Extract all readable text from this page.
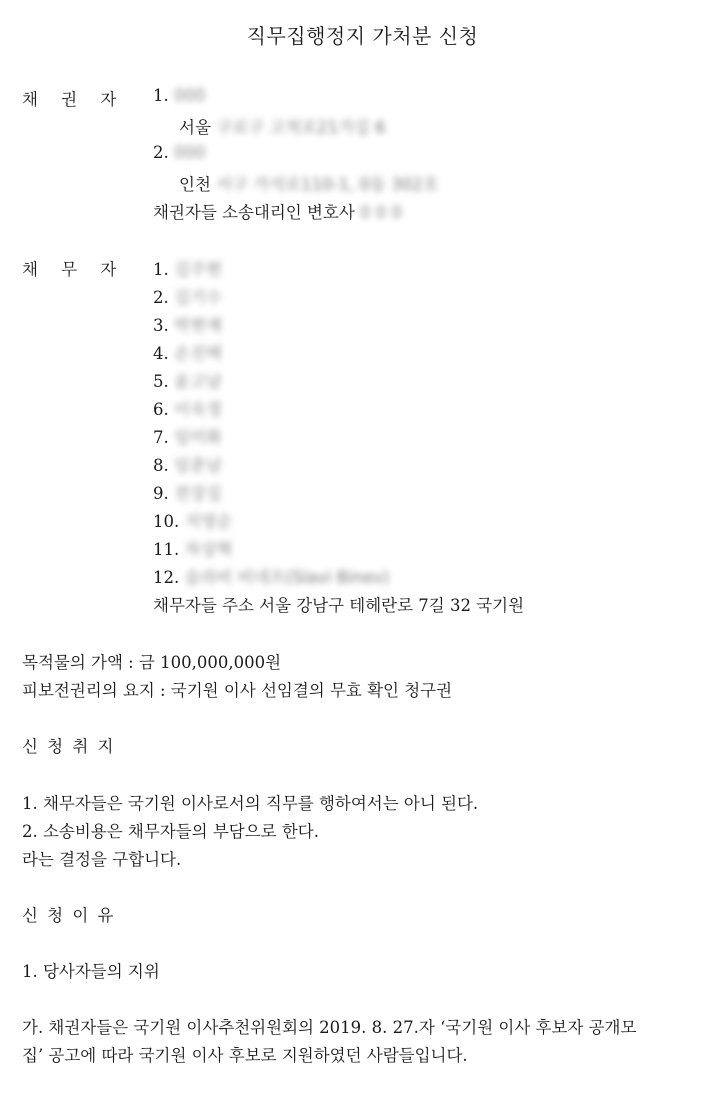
직무집행정지 가처분 신청
채 권 자 1. 000
서울 구로구 고척로21가길 6
2. 000
인천 서구 가석로110-1, 0동 302호
채권자들 소송대리인 변호사 0 0 0
채 무 자 1. 김주현
2. 김기수
3. 박현재
4. 손진택
5. 윤고남
6. 이숙경
7. 임미화
8. 임춘남
9. 전강길
10. 지영순
11. 차상혁
12. 슬라비 비네프(Slavi Binev)
채무자들 주소 서울 강남구 테헤란로 7길 32 국기원
목적물의 가액 : 금 100,000,000원
피보전권리의 요지 : 국기원 이사 선임결의 무효 확인 청구권
신 청 취 지
1. 채무자들은 국기원 이사로서의 직무를 행하여서는 아니 된다.
2. 소송비용은 채무자들의 부담으로 한다.
라는 결정을 구합니다.
신 청 이 유
1. 당사자들의 지위
가. 채권자들은 국기원 이사추천위원회의 2019. 8. 27.자 ‘국기원 이사 후보자 공개모
집’ 공고에 따라 국기원 이사 후보로 지원하였던 사람들입니다.
